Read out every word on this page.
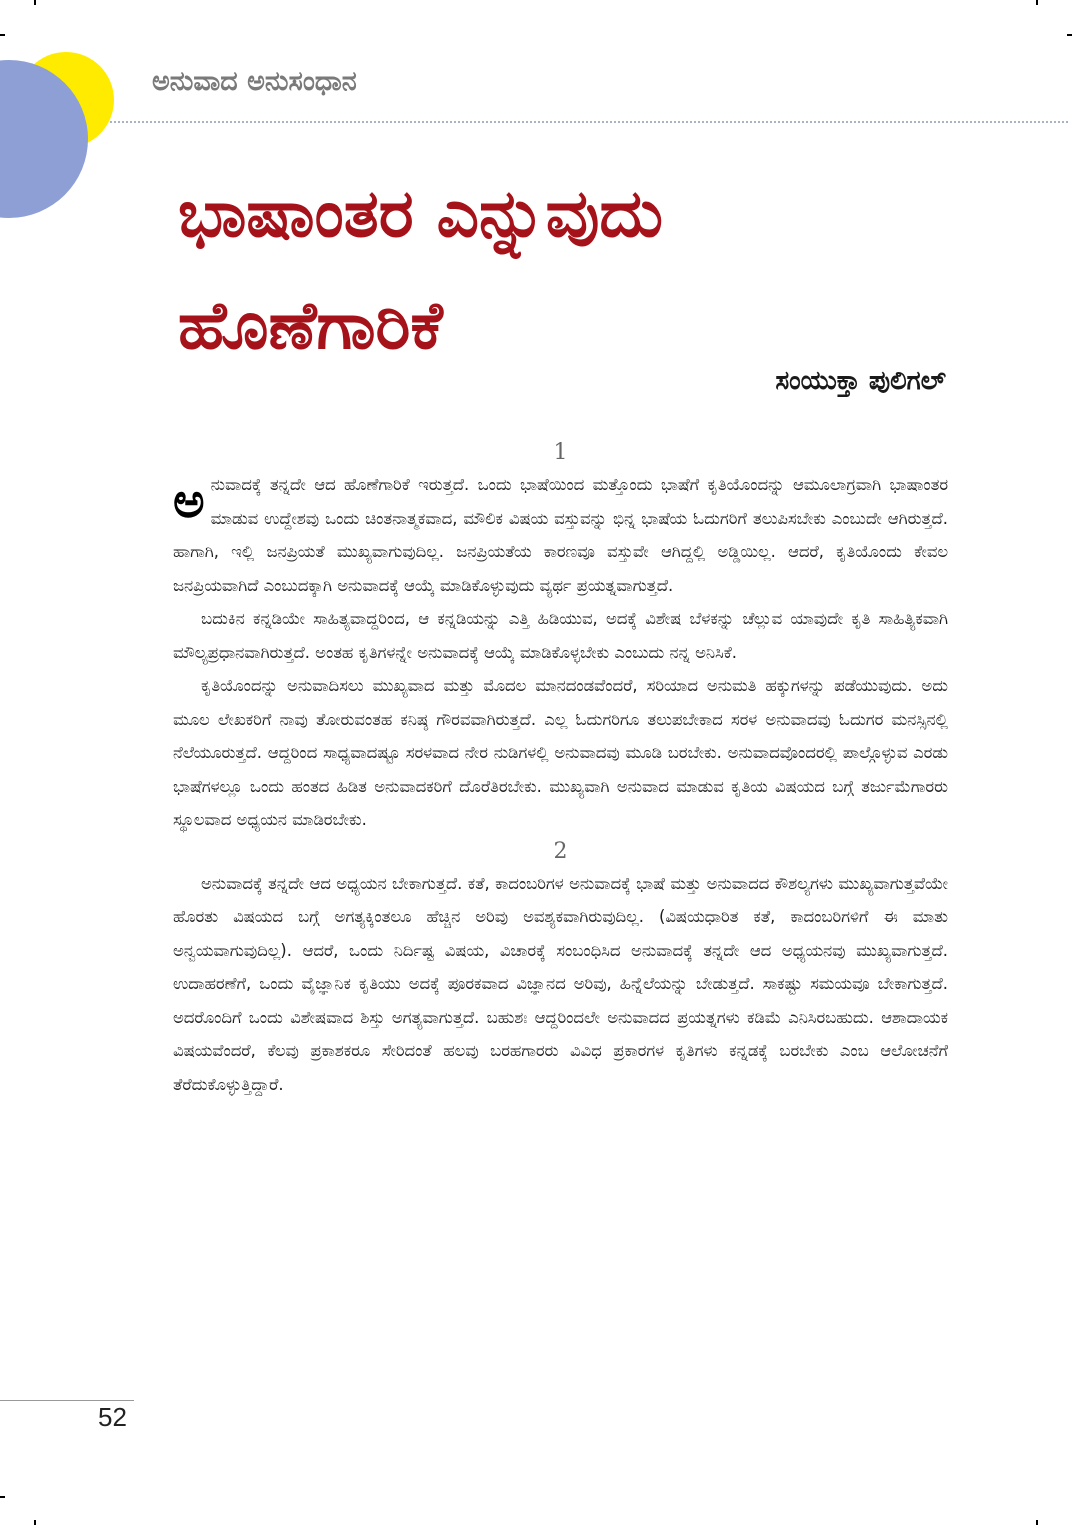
ಅನುವಾದ ಅನುಸಂಧಾನ
ಭಾಷಾಂತರ ಎನ್ನುವುದು
ಹೊಣೆಗಾರಿಕೆ
ಸಂಯುಕ್ತಾ ಪುಲಿಗಲ್
1

ಅನುವಾದಕ್ಕೆ ತನ್ನದೇ ಆದ ಹೊಣೆಗಾರಿಕೆ ಇರುತ್ತದೆ. ಒಂದು ಭಾಷೆಯಿಂದ ಮತ್ತೊಂದು ಭಾಷೆಗೆ ಕೃತಿಯೊಂದನ್ನು ಆಮೂಲಾಗ್ರವಾಗಿ ಭಾಷಾಂತರ ಮಾಡುವ ಉದ್ದೇಶವು ಒಂದು ಚಿಂತನಾತ್ಮಕವಾದ, ಮೌಲಿಕ ವಿಷಯ ವಸ್ತುವನ್ನು ಭಿನ್ನ ಭಾಷೆಯ ಓದುಗರಿಗೆ ತಲುಪಿಸಬೇಕು ಎಂಬುದೇ ಆಗಿರುತ್ತದೆ. ಹಾಗಾಗಿ, ಇಲ್ಲಿ ಜನಪ್ರಿಯತೆ ಮುಖ್ಯವಾಗುವುದಿಲ್ಲ. ಜನಪ್ರಿಯತೆಯ ಕಾರಣವೂ ವಸ್ತುವೇ ಆಗಿದ್ದಲ್ಲಿ ಅಡ್ಡಿಯಿಲ್ಲ. ಆದರೆ, ಕೃತಿಯೊಂದು ಕೇವಲ ಜನಪ್ರಿಯವಾಗಿದೆ ಎಂಬುದಕ್ಕಾಗಿ ಅನುವಾದಕ್ಕೆ ಆಯ್ಕೆ ಮಾಡಿಕೊಳ್ಳುವುದು ವ್ಯರ್ಥ ಪ್ರಯತ್ನವಾಗುತ್ತದೆ.

ಬದುಕಿನ ಕನ್ನಡಿಯೇ ಸಾಹಿತ್ಯವಾದ್ದರಿಂದ, ಆ ಕನ್ನಡಿಯನ್ನು ಎತ್ತಿ ಹಿಡಿಯುವ, ಅದಕ್ಕೆ ವಿಶೇಷ ಬೆಳಕನ್ನು ಚೆಲ್ಲುವ ಯಾವುದೇ ಕೃತಿ ಸಾಹಿತ್ಯಿಕವಾಗಿ ಮೌಲ್ಯಪ್ರಧಾನವಾಗಿರುತ್ತದೆ. ಅಂತಹ ಕೃತಿಗಳನ್ನೇ ಅನುವಾದಕ್ಕೆ ಆಯ್ಕೆ ಮಾಡಿಕೊಳ್ಳಬೇಕು ಎಂಬುದು ನನ್ನ ಅನಿಸಿಕೆ.

ಕೃತಿಯೊಂದನ್ನು ಅನುವಾದಿಸಲು ಮುಖ್ಯವಾದ ಮತ್ತು ಮೊದಲ ಮಾನದಂಡವೆಂದರೆ, ಸರಿಯಾದ ಅನುಮತಿ ಹಕ್ಕುಗಳನ್ನು ಪಡೆಯುವುದು. ಅದು ಮೂಲ ಲೇಖಕರಿಗೆ ನಾವು ತೋರುವಂತಹ ಕನಿಷ್ಠ ಗೌರವವಾಗಿರುತ್ತದೆ. ಎಲ್ಲ ಓದುಗರಿಗೂ ತಲುಪಬೇಕಾದ ಸರಳ ಅನುವಾದವು ಓದುಗರ ಮನಸ್ಸಿನಲ್ಲಿ ನೆಲೆಯೂರುತ್ತದೆ. ಆದ್ದರಿಂದ ಸಾಧ್ಯವಾದಷ್ಟೂ ಸರಳವಾದ ನೇರ ನುಡಿಗಳಲ್ಲಿ ಅನುವಾದವು ಮೂಡಿ ಬರಬೇಕು. ಅನುವಾದವೊಂದರಲ್ಲಿ ಪಾಲ್ಗೊಳ್ಳುವ ಎರಡು ಭಾಷೆಗಳಲ್ಲೂ ಒಂದು ಹಂತದ ಹಿಡಿತ ಅನುವಾದಕರಿಗೆ ದೊರೆತಿರಬೇಕು. ಮುಖ್ಯವಾಗಿ ಅನುವಾದ ಮಾಡುವ ಕೃತಿಯ ವಿಷಯದ ಬಗ್ಗೆ ತರ್ಜುಮೆಗಾರರು ಸ್ಥೂಲವಾದ ಅಧ್ಯಯನ ಮಾಡಿರಬೇಕು.

2

ಅನುವಾದಕ್ಕೆ ತನ್ನದೇ ಆದ ಅಧ್ಯಯನ ಬೇಕಾಗುತ್ತದೆ. ಕತೆ, ಕಾದಂಬರಿಗಳ ಅನುವಾದಕ್ಕೆ ಭಾಷೆ ಮತ್ತು ಅನುವಾದದ ಕೌಶಲ್ಯಗಳು ಮುಖ್ಯವಾಗುತ್ತವೆಯೇ ಹೊರತು ವಿಷಯದ ಬಗ್ಗೆ ಅಗತ್ಯಕ್ಕಿಂತಲೂ ಹೆಚ್ಚಿನ ಅರಿವು ಅವಶ್ಯಕವಾಗಿರುವುದಿಲ್ಲ. (ವಿಷಯಧಾರಿತ ಕತೆ, ಕಾದಂಬರಿಗಳಿಗೆ ಈ ಮಾತು ಅನ್ವಯವಾಗುವುದಿಲ್ಲ). ಆದರೆ, ಒಂದು ನಿರ್ದಿಷ್ಟ ವಿಷಯ, ವಿಚಾರಕ್ಕೆ ಸಂಬಂಧಿಸಿದ ಅನುವಾದಕ್ಕೆ ತನ್ನದೇ ಆದ ಅಧ್ಯಯನವು ಮುಖ್ಯವಾಗುತ್ತದೆ. ಉದಾಹರಣೆಗೆ, ಒಂದು ವೈಜ್ಞಾನಿಕ ಕೃತಿಯು ಅದಕ್ಕೆ ಪೂರಕವಾದ ವಿಜ್ಞಾನದ ಅರಿವು, ಹಿನ್ನೆಲೆಯನ್ನು ಬೇಡುತ್ತದೆ. ಸಾಕಷ್ಟು ಸಮಯವೂ ಬೇಕಾಗುತ್ತದೆ. ಅದರೊಂದಿಗೆ ಒಂದು ವಿಶೇಷವಾದ ಶಿಸ್ತು ಅಗತ್ಯವಾಗುತ್ತದೆ. ಬಹುಶಃ ಆದ್ದರಿಂದಲೇ ಅನುವಾದದ ಪ್ರಯತ್ನಗಳು ಕಡಿಮೆ ಎನಿಸಿರಬಹುದು. ಆಶಾದಾಯಕ ವಿಷಯವೆಂದರೆ, ಕೆಲವು ಪ್ರಕಾಶಕರೂ ಸೇರಿದಂತೆ ಹಲವು ಬರಹಗಾರರು ವಿವಿಧ ಪ್ರಕಾರಗಳ ಕೃತಿಗಳು ಕನ್ನಡಕ್ಕೆ ಬರಬೇಕು ಎಂಬ ಆಲೋಚನೆಗೆ ತೆರೆದುಕೊಳ್ಳುತ್ತಿದ್ದಾರೆ.

52
